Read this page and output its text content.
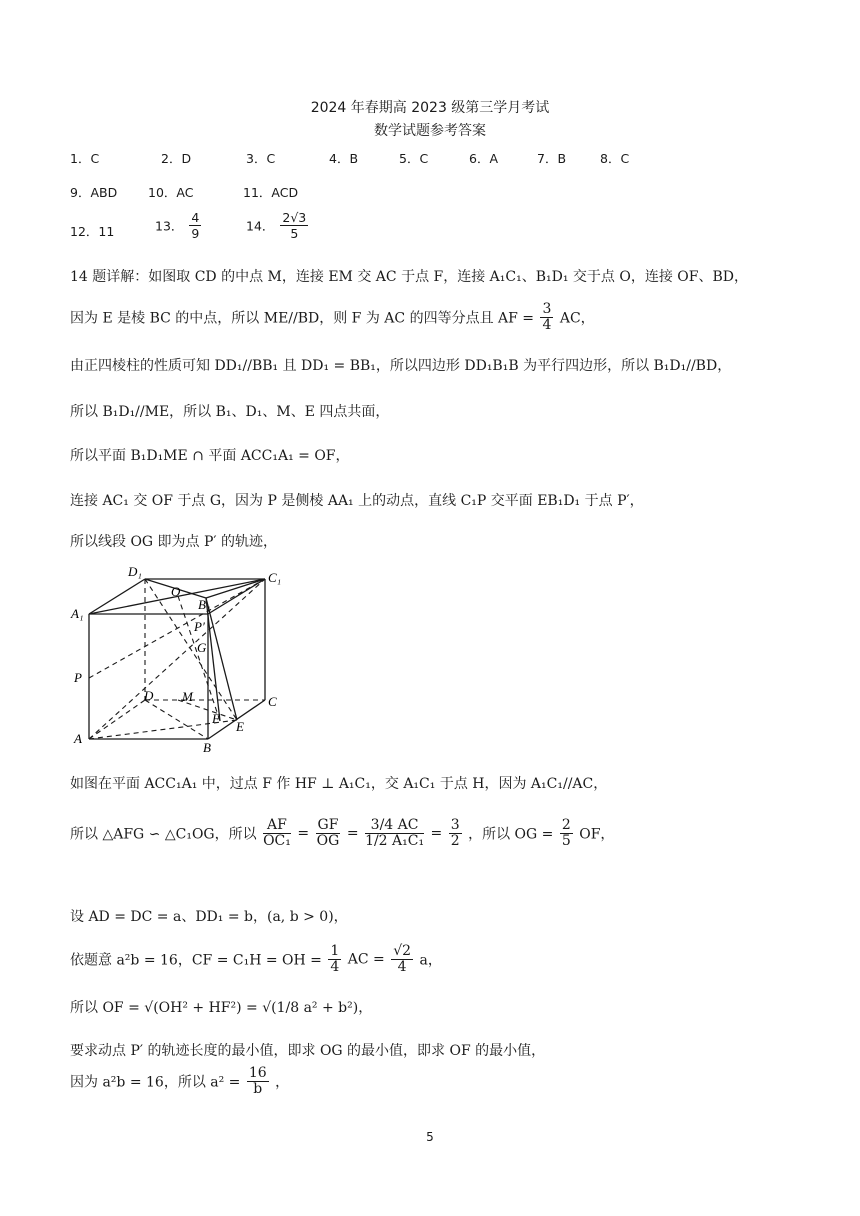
2024 年春期高 2023 级第三学月考试
数学试题参考答案
1．C	2．D	3．C	4．B	5．C	6．A	7．B	8．C
9．ABD 10．AC	11．ACD
12．11	13． $\frac{4}{9}$	14． $\frac{2√3}{5}$
14 题详解：如图取 CD 的中点 M，连接 EM 交 AC 于点 F，连接 A₁C₁、B₁D₁ 交于点 O，连接 OF、BD，
因为 E 是棱 BC 的中点，所以 ME//BD，则 F 为 AC 的四等分点且 AF = $\frac{3}{4}$ AC，
由正四棱柱的性质可知 DD₁//BB₁ 且 DD₁ = BB₁，所以四边形 DD₁B₁B 为平行四边形，所以 B₁D₁//BD，
所以 B₁D₁//ME，所以 B₁、D₁、M、E 四点共面，
所以平面 B₁D₁ME ∩ 平面 ACC₁A₁ = OF，
连接 AC₁ 交 OF 于点 G，因为 P 是侧棱 AA₁ 上的动点，直线 C₁P 交平面 EB₁D₁ 于点 P′，
所以线段 OG 即为点 P′ 的轨迹，
D₁	C₁
O
A₁
B₁
P′
G
P
D M	C
F
E
A
B
如图在平面 ACC₁A₁ 中，过点 F 作 HF ⊥ A₁C₁，交 A₁C₁ 于点 H，因为 A₁C₁//AC，
所以 △AFG ∽ △C₁OG，所以 $\frac{AF}{\text{OC₁}} = \frac{GF}{OG} = \frac{3/4 AC}{\text{1/2 A₁C₁}} = \frac{3}{2}$ ，所以 OG = $\frac{2}{5}$ OF，
设 AD = DC = a、DD₁ = b，(a, b > 0)，
依题意 a²b = 16，CF = C₁H = OH = $\frac{1}{4}$ AC = $\frac{√2}{4}$ a，
所以 OF = √(OH² + HF²) = √(1/8 a² + b²)，
要求动点 P′ 的轨迹长度的最小值，即求 OG 的最小值，即求 OF 的最小值，
因为 a²b = 16，所以 $a^2 = \frac{16}{b}$ ，
5
